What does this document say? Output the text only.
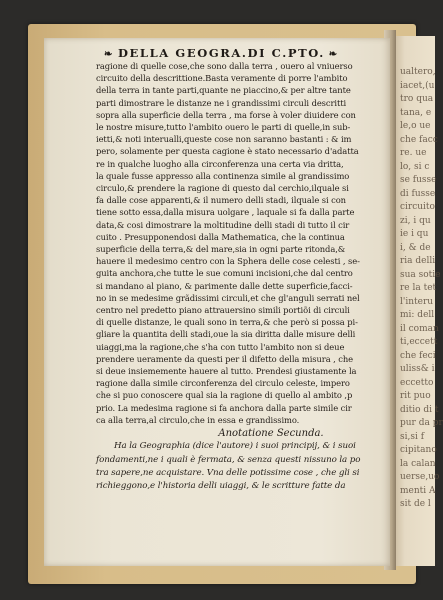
ualtero,
iacet,(u
tro qua
tana, e
le,o ue
che facc
re. ue
lo, si c
se fusse
di fusse
circuito
zi, i qu
ie i qu
i, & de
ria delli
sua sotie
re la tet
l'interu
mi: dell
il coman
ti,eccett
che feci
uliss& i
eccetto
rit puo
ditio di t
pur da pr
si,si f
cipitano
la calan
uerse,uo
menti A
sit de l
❧ DELLA GEOGRA.DI C.PTO. ❧
ragione di quelle cose,che sono dalla terra , ouero al vniuerso
circuito della descrittione.Basta veramente di porre l'ambito
della terra in tante parti,quante ne piaccino,& per altre tante
parti dimostrare le distanze ne i grandissimi circuli descritti
sopra alla superficie della terra , ma forse à voler diuidere con
le nostre misure,tutto l'ambito ouero le parti di quelle,in sub-
ietti,& noti interualli,queste cose non saranno bastanti : & im
pero, solamente per questa cagione è stato necessario d'adatta
re in qualche luogho alla circonferenza una certa via dritta,
la quale fusse appresso alla continenza simile al grandissimo
circulo,& prendere la ragione di questo dal cerchio,ilquale si
fa dalle cose apparenti,& il numero delli stadi, ilquale si con
tiene sotto essa,dalla misura uolgare , laquale si fa dalla parte
data,& cosi dimostrare la moltitudine delli stadi di tutto il cir
cuito . Presupponendosi dalla Mathematica, che la continua
superficie della terra,& del mare,sia in ogni parte ritonda,&
hauere il medesimo centro con la Sphera delle cose celesti , se-
guita anchora,che tutte le sue comuni incisioni,che dal centro
si mandano al piano, & parimente dalle dette superficie,facci-
no in se medesime grãdissimi circuli,et che gl'anguli serrati nel
centro nel predetto piano attrauersino simili portiõi di circuli
di quelle distanze, le quali sono in terra,& che però si possa pi-
gliare la quantita delli stadi,oue la sia diritta dalle misure delli
uiaggi,ma la ragione,che s'ha con tutto l'ambito non si deue
prendere ueramente da questi per il difetto della misura , che
si deue insiememente hauere al tutto. Prendesi giustamente la
ragione dalla simile circonferenza del circulo celeste, impero
che si puo conoscere qual sia la ragione di quello al ambito ,p
prio. La medesima ragione si fa anchora dalla parte simile cir
ca alla terra,al circulo,che in essa e grandissimo.
Anotatione Secunda.
Ha la Geographia (dice l'autore) i suoi principij, & i suoi
fondamenti,ne i quali è fermata, & senza questi nissuno la po
tra sapere,ne acquistare. Vna delle potissime cose , che gli si
richieggono,e l'historia delli uiaggi, & le scritture fatte da
